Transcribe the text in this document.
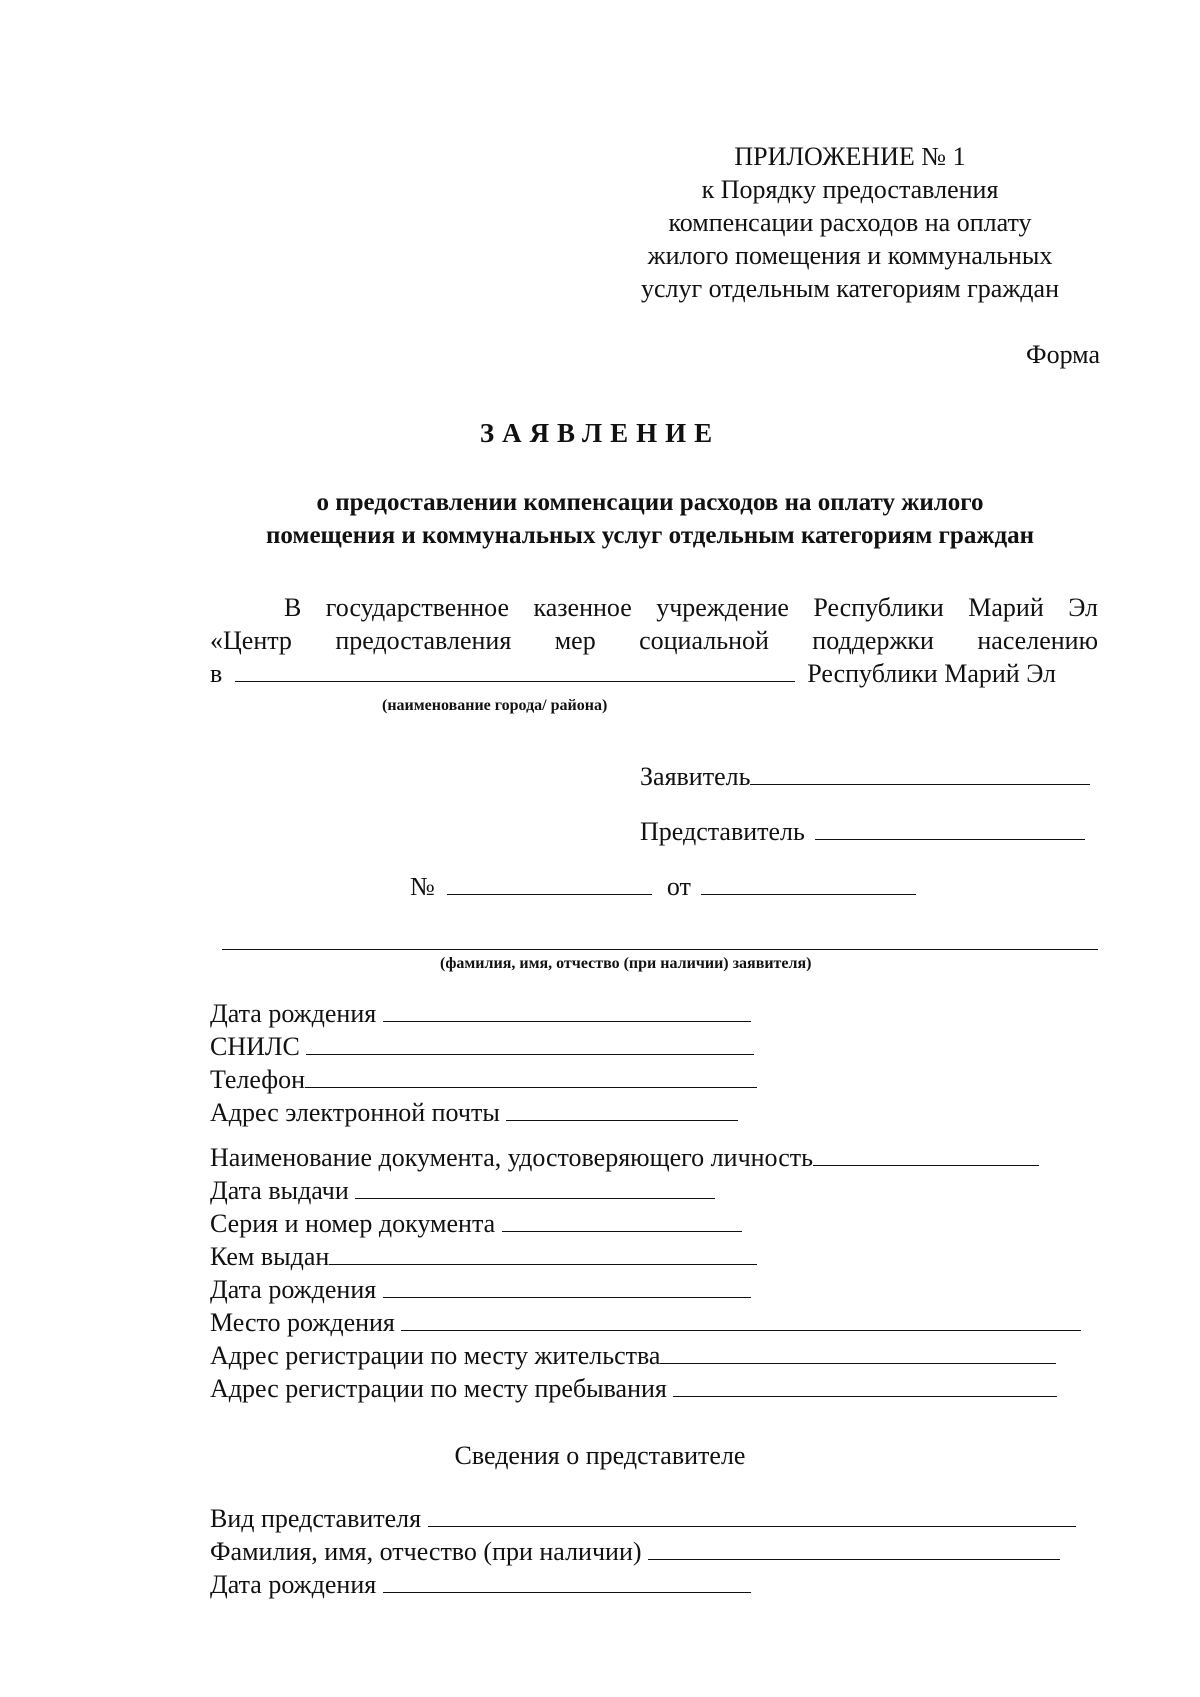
ПРИЛОЖЕНИЕ № 1
к Порядку предоставления
компенсации расходов на оплату
жилого помещения и коммунальных
услуг отдельным категориям граждан
Форма
ЗАЯВЛЕНИЕ
о предоставлении компенсации расходов на оплату жилого
помещения и коммунальных услуг отдельным категориям граждан
В государственное казенное учреждение Республики Марий Эл
«Центр предоставления мер социальной поддержки населению
в	Республики Марий Эл
(наименование города/ района)
Заявитель
Представитель
№	от
(фамилия, имя, отчество (при наличии) заявителя)
Дата рождения
СНИЛС
Телефон
Адрес электронной почты
Наименование документа, удостоверяющего личность
Дата выдачи
Серия и номер документа
Кем выдан
Дата рождения
Место рождения
Адрес регистрации по месту жительства
Адрес регистрации по месту пребывания
Сведения о представителе
Вид представителя
Фамилия, имя, отчество (при наличии)
Дата рождения
